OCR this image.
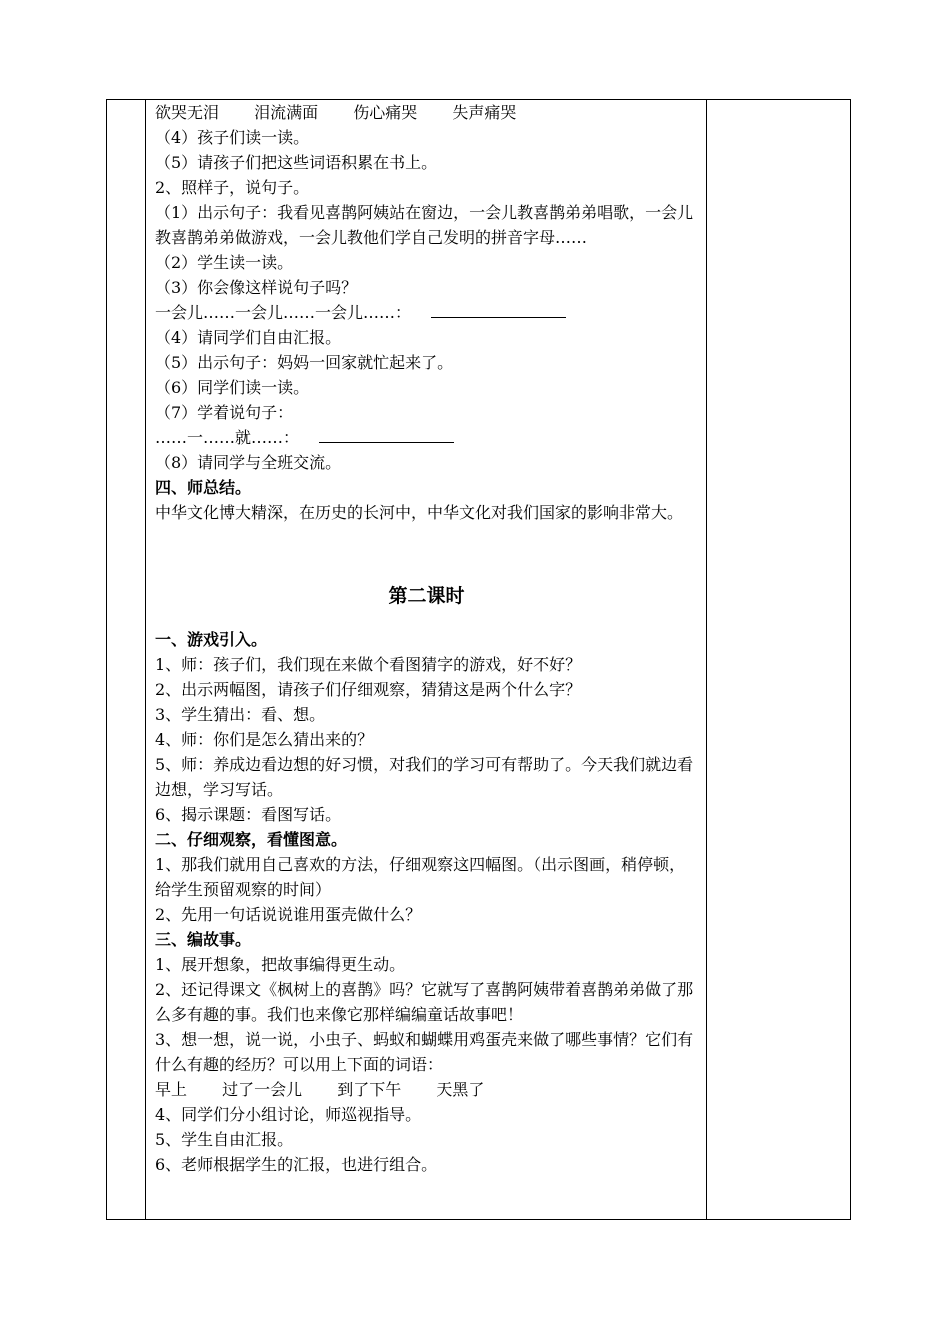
欲哭无泪 泪流满面 伤心痛哭 失声痛哭
（4）孩子们读一读。
（5）请孩子们把这些词语积累在书上。
2、照样子，说句子。
（1）出示句子：我看见喜鹊阿姨站在窗边，一会儿教喜鹊弟弟唱歌，一会儿教喜鹊弟弟做游戏，一会儿教他们学自己发明的拼音字母……
（2）学生读一读。
（3）你会像这样说句子吗？
一会儿……一会儿……一会儿……：
（4）请同学们自由汇报。
（5）出示句子：妈妈一回家就忙起来了。
（6）同学们读一读。
（7）学着说句子：
……一……就……：
（8）请同学与全班交流。
四、师总结。
中华文化博大精深，在历史的长河中，中华文化对我们国家的影响非常大。
第二课时
一、游戏引入。
1、师：孩子们，我们现在来做个看图猜字的游戏，好不好？
2、出示两幅图，请孩子们仔细观察，猜猜这是两个什么字？
3、学生猜出：看、想。
4、师：你们是怎么猜出来的？
5、师：养成边看边想的好习惯，对我们的学习可有帮助了。今天我们就边看边想，学习写话。
6、揭示课题：看图写话。
二、仔细观察，看懂图意。
1、那我们就用自己喜欢的方法，仔细观察这四幅图。（出示图画，稍停顿，给学生预留观察的时间）
2、先用一句话说说谁用蛋壳做什么？
三、编故事。
1、展开想象，把故事编得更生动。
2、还记得课文《枫树上的喜鹊》吗？它就写了喜鹊阿姨带着喜鹊弟弟做了那么多有趣的事。我们也来像它那样编编童话故事吧！
3、想一想，说一说，小虫子、蚂蚁和蝴蝶用鸡蛋壳来做了哪些事情？它们有什么有趣的经历？可以用上下面的词语：
早上 过了一会儿 到了下午 天黑了
4、同学们分小组讨论，师巡视指导。
5、学生自由汇报。
6、老师根据学生的汇报，也进行组合。
